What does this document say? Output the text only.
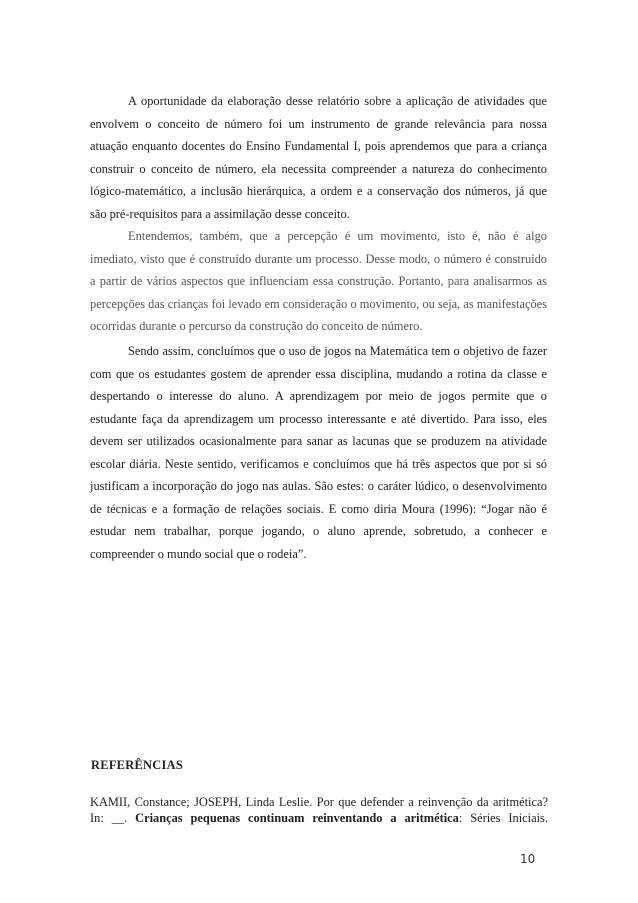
A oportunidade da elaboração desse relatório sobre a aplicação de atividades que envolvem o conceito de número foi um instrumento de grande relevância para nossa atuação enquanto docentes do Ensino Fundamental I, pois aprendemos que para a criança construir o conceito de número, ela necessita compreender a natureza do conhecimento lógico-matemático, a inclusão hierárquica, a ordem e a conservação dos números, já que são pré-requisitos para a assimilação desse conceito.

Entendemos, também, que a percepção é um movimento, isto é, não é algo imediato, visto que é construído durante um processo. Desse modo, o número é construído a partir de vários aspectos que influenciam essa construção. Portanto, para analisarmos as percepções das crianças foi levado em consideração o movimento, ou seja, as manifestações ocorridas durante o percurso da construção do conceito de número.

Sendo assim, concluímos que o uso de jogos na Matemática tem o objetivo de fazer com que os estudantes gostem de aprender essa disciplina, mudando a rotina da classe e despertando o interesse do aluno. A aprendizagem por meio de jogos permite que o estudante faça da aprendizagem um processo interessante e até divertido. Para isso, eles devem ser utilizados ocasionalmente para sanar as lacunas que se produzem na atividade escolar diária. Neste sentido, verificamos e concluímos que há três aspectos que por si só justificam a incorporação do jogo nas aulas. São estes: o caráter lúdico, o desenvolvimento de técnicas e a formação de relações sociais. E como diria Moura (1996): “Jogar não é estudar nem trabalhar, porque jogando, o aluno aprende, sobretudo, a conhecer e compreender o mundo social que o rodeia”.

REFERÊNCIAS
KAMII, Constance; JOSEPH, Linda Leslie. Por que defender a reinvenção da aritmética?
In: __. Crianças pequenas continuam reinventando a aritmética: Séries Iniciais.
10
